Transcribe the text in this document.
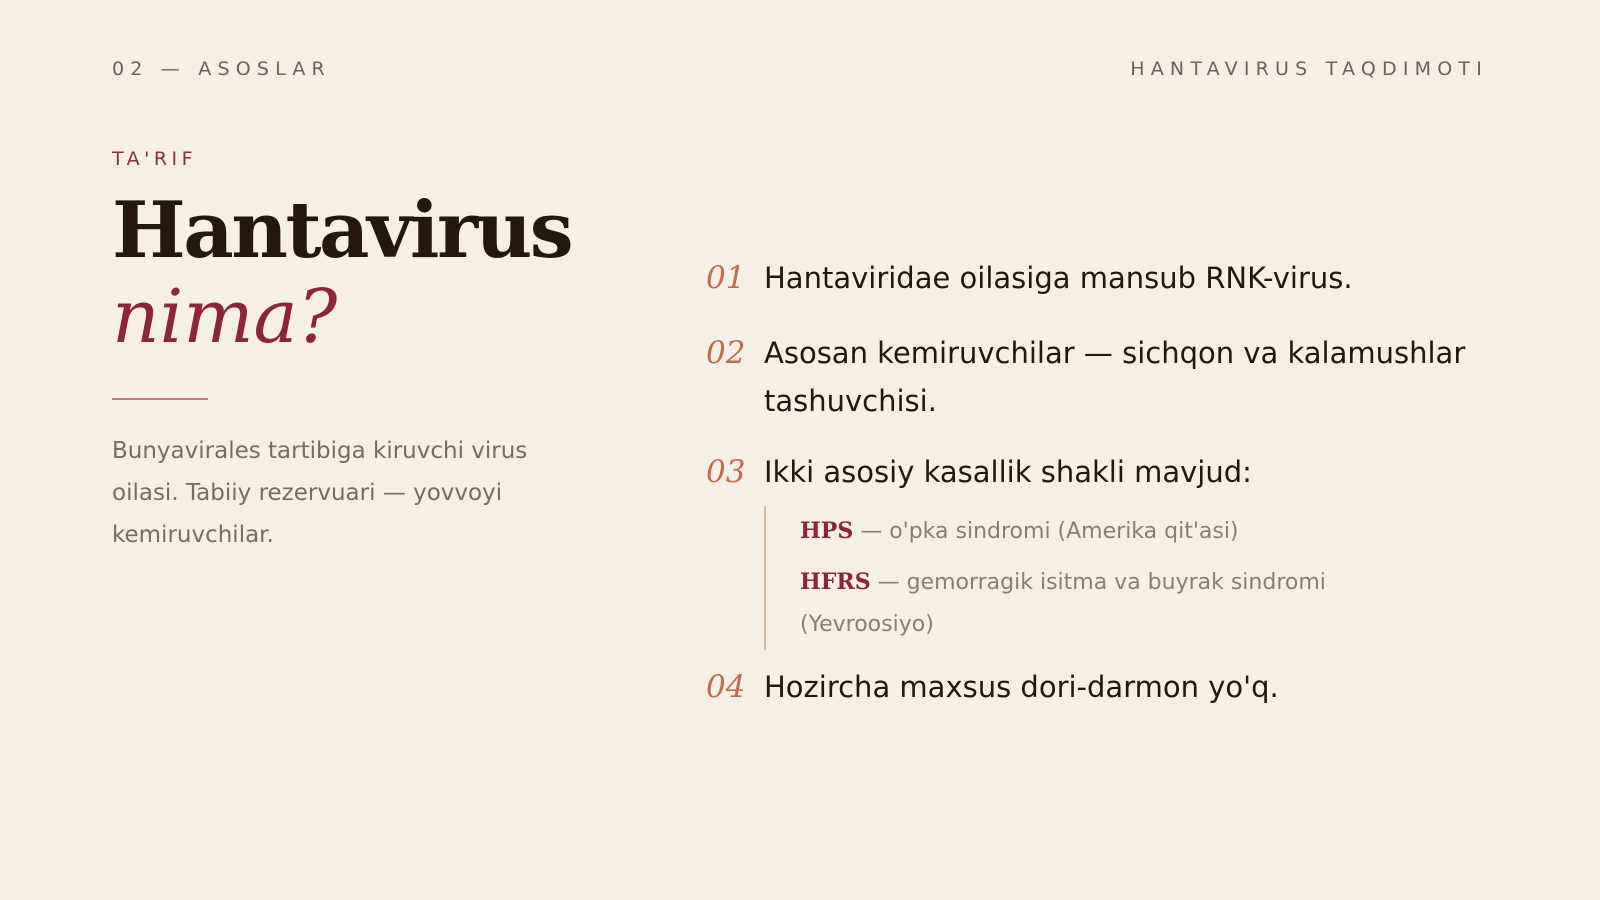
02 — ASOSLAR	HANTAVIRUS TAQDIMOTI

TA'RIF

Hantavirus
nima?
Bunyavirales tartibiga kiruvchi virus oilasi. Tabiiy rezervuari — yovvoyi kemiruvchilar.
01 Hantaviridae oilasiga mansub RNK-virus.
02 Asosan kemiruvchilar — sichqon va kalamushlar tashuvchisi.
03 Ikki asosiy kasallik shakli mavjud:
HPS — o'pka sindromi (Amerika qit'asi)
HFRS — gemorragik isitma va buyrak sindromi (Yevroosiyo)
04 Hozircha maxsus dori-darmon yo'q.
